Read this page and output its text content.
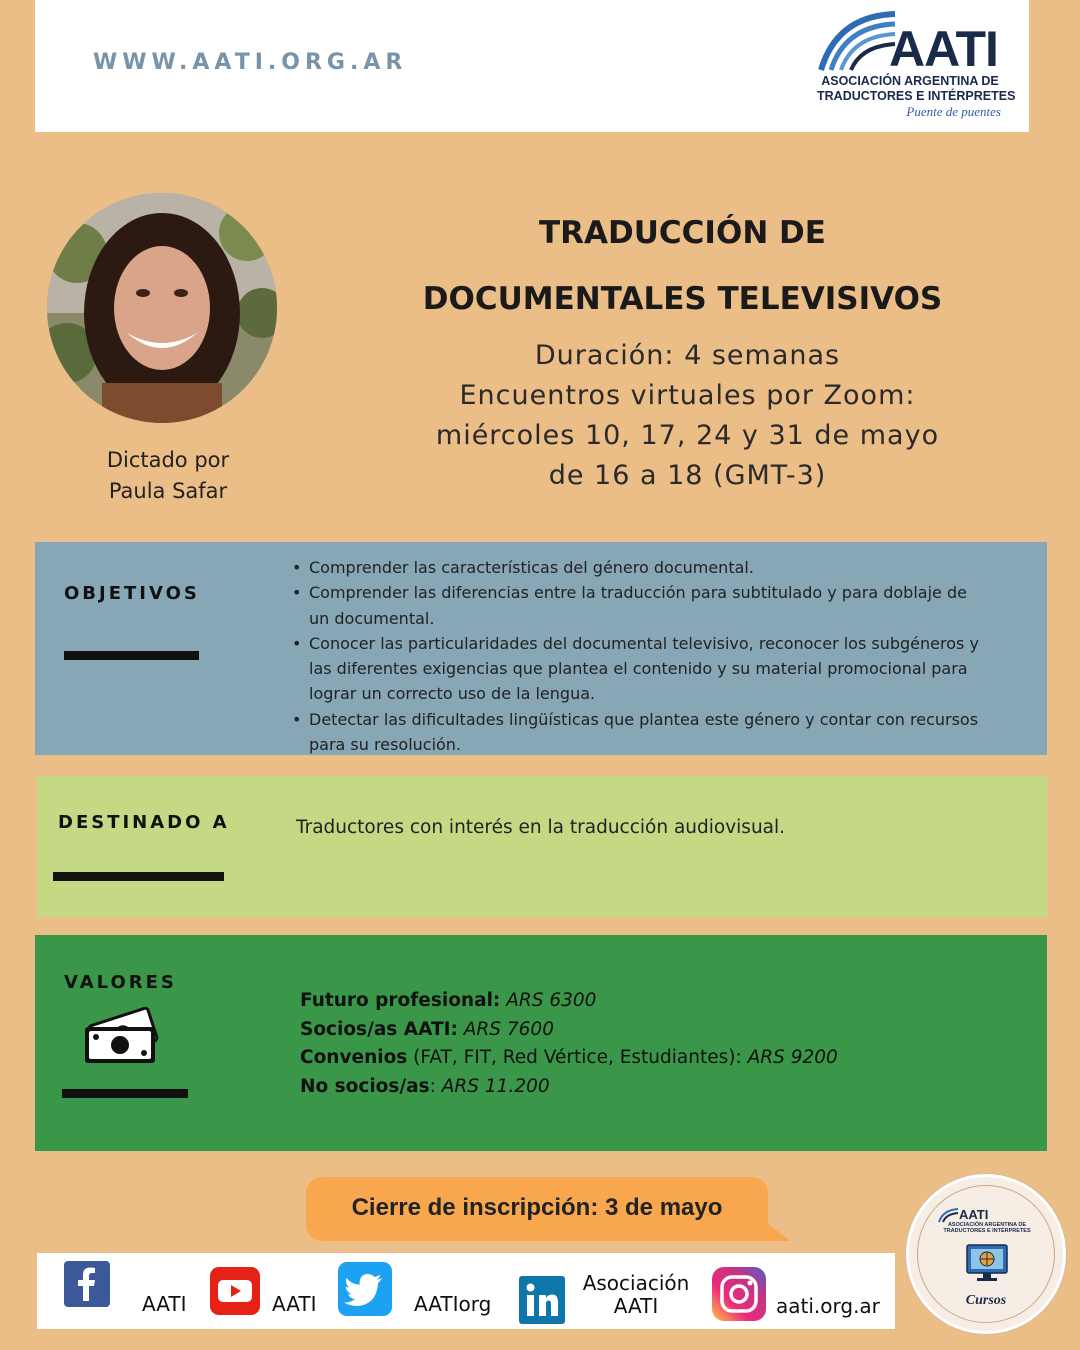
WWW.AATI.ORG.AR	AATI
ASOCIACIÓN ARGENTINA DE
TRADUCTORES E INTÉRPRETES
Puente de puentes
Dictado por
Paula Safar
TRADUCCIÓN DE
DOCUMENTALES TELEVISIVOS
Duración: 4 semanas
Encuentros virtuales por Zoom:
miércoles 10, 17, 24 y 31 de mayo
de 16 a 18 (GMT-3)
OBJETIVOS
• Comprender las características del género documental.
• Comprender las diferencias entre la traducción para subtitulado y para doblaje de un documental.
• Conocer las particularidades del documental televisivo, reconocer los subgéneros y las diferentes exigencias que plantea el contenido y su material promocional para lograr un correcto uso de la lengua.
• Detectar las dificultades lingüísticas que plantea este género y contar con recursos para su resolución.
DESTINADO A	Traductores con interés en la traducción audiovisual.
VALORES
Futuro profesional: ARS 6300
Socios/as AATI: ARS 7600
Convenios (FAT, FIT, Red Vértice, Estudiantes): ARS 9200
No socios/as: ARS 11.200
Cierre de inscripción: 3 de mayo
AATI	AATI	AATIorg
Asociación
AATI	aati.org.ar
AATI
ASOCIACIÓN ARGENTINA DE TRADUCTORES E INTÉRPRETES
Cursos
